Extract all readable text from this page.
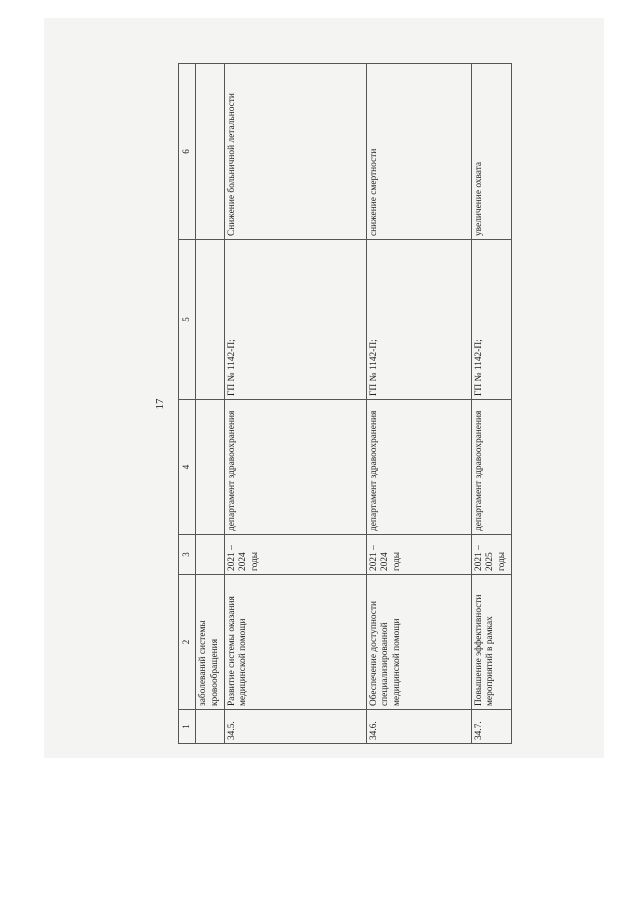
17
1	2	3	4	5	6
	заболеваний системы кровообращения				
34.5.	Развитие системы оказания медицинской помощи	2021 – 2024 годы	департамент здравоохранения	ГП № 1142-П;	Снижение больничной летальности
34.6.	Обеспечение доступности специализированной медицинской помощи	2021 – 2024 годы	департамент здравоохранения	ГП № 1142-П;	снижение смертности
34.7.	Повышение эффективности мероприятий в рамках	2021 – 2025 годы	департамент здравоохранения	ГП № 1142-П;	увеличение охвата
